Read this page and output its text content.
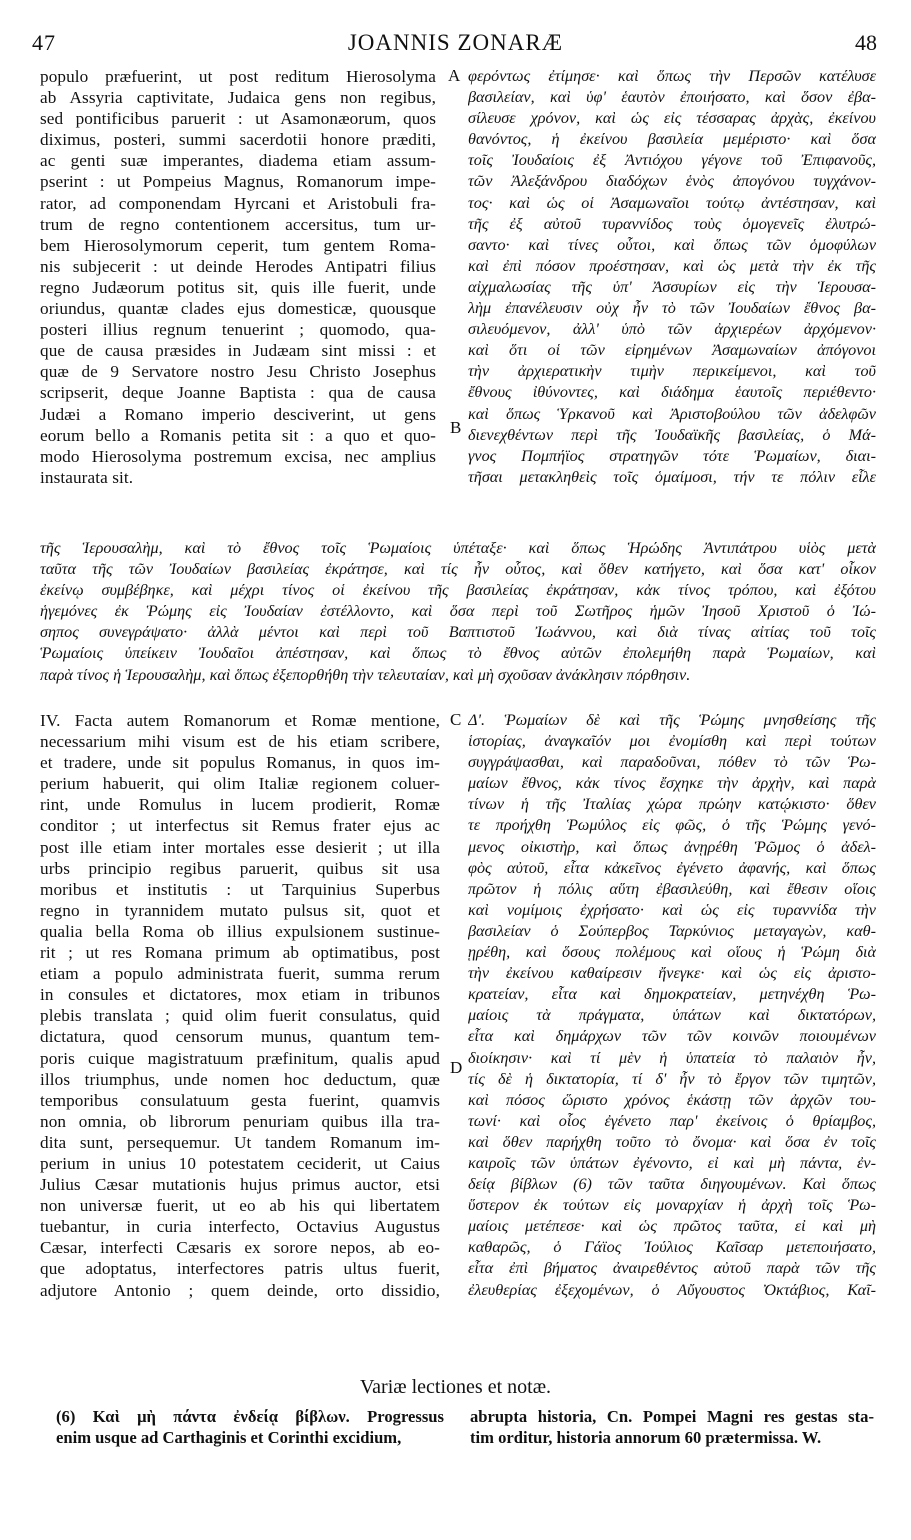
47	JOANNIS ZONARÆ	48
populo præfuerint, ut post reditum Hierosolyma
ab Assyria captivitate, Judaica gens non regibus,
sed pontificibus paruerit : ut Asamonæorum, quos
diximus, posteri, summi sacerdotii honore præditi,
ac genti suæ imperantes, diadema etiam assum-
pserint : ut Pompeius Magnus, Romanorum impe-
rator, ad componendam Hyrcani et Aristobuli fra-
trum de regno contentionem accersitus, tum ur-
bem Hierosolymorum ceperit, tum gentem Roma-
nis subjecerit : ut deinde Herodes Antipatri filius
regno Judæorum potitus sit, quis ille fuerit, unde
oriundus, quantæ clades ejus domesticæ, quousque
posteri illius regnum tenuerint ; quomodo, qua-
que de causa præsides in Judæam sint missi : et
quæ de 9 Servatore nostro Jesu Christo Josephus
scripserit, deque Joanne Baptista : qua de causa
Judæi a Romano imperio desciverint, ut gens
eorum bello a Romanis petita sit : a quo et quo-
modo Hierosolyma postremum excisa, nec amplius
instaurata sit.
A
B
φερόντως ἐτίμησε· καὶ ὅπως τὴν Περσῶν κατέλυσε
βασιλείαν, καὶ ὑφ' ἑαυτὸν ἐποιήσατο, καὶ ὅσον ἐβα-
σίλευσε χρόνον, καὶ ὡς εἰς τέσσαρας ἀρχὰς, ἐκείνου
θανόντος, ἡ ἐκείνου βασιλεία μεμέριστο· καὶ ὅσα
τοῖς Ἰουδαίοις ἐξ Ἀντιόχου γέγονε τοῦ Ἐπιφανοῦς,
τῶν Ἀλεξάνδρου διαδόχων ἑνὸς ἀπογόνου τυγχάνον-
τος· καὶ ὡς οἱ Ἀσαμωναῖοι τούτῳ ἀντέστησαν, καὶ
τῆς ἐξ αὐτοῦ τυραννίδος τοὺς ὁμογενεῖς ἐλυτρώ-
σαντο· καὶ τίνες οὗτοι, καὶ ὅπως τῶν ὁμοφύλων
καὶ ἐπὶ πόσον προέστησαν, καὶ ὡς μετὰ τὴν ἐκ τῆς
αἰχμαλωσίας τῆς ὑπ' Ἀσσυρίων εἰς τὴν Ἱερουσα-
λὴμ ἐπανέλευσιν οὐχ ἦν τὸ τῶν Ἰουδαίων ἔθνος βα-
σιλευόμενον, ἀλλ' ὑπὸ τῶν ἀρχιερέων ἀρχόμενον·
καὶ ὅτι οἱ τῶν εἰρημένων Ἀσαμωναίων ἀπόγονοι
τὴν ἀρχιερατικὴν τιμὴν περικείμενοι, καὶ τοῦ
ἔθνους ἰθύνοντες, καὶ διάδημα ἑαυτοῖς περιέθεντο·
καὶ ὅπως Ὑρκανοῦ καὶ Ἀριστοβούλου τῶν ἀδελφῶν
διενεχθέντων περὶ τῆς Ἰουδαϊκῆς βασιλείας, ὁ Μά-
γνος Πομπήϊος στρατηγῶν τότε Ῥωμαίων, διαι-
τῆσαι μετακληθεὶς τοῖς ὁμαίμοσι, τήν τε πόλιν εἷλε
τῆς Ἱερουσαλὴμ, καὶ τὸ ἔθνος τοῖς Ῥωμαίοις ὑπέταξε· καὶ ὅπως Ἡρώδης Ἀντιπάτρου υἱὸς μετὰ
ταῦτα τῆς τῶν Ἰουδαίων βασιλείας ἐκράτησε, καὶ τίς ἦν οὗτος, καὶ ὅθεν κατήγετο, καὶ ὅσα κατ' οἶκον
ἐκείνῳ συμβέβηκε, καὶ μέχρι τίνος οἱ ἐκείνου τῆς βασιλείας ἐκράτησαν, κἀκ τίνος τρόπου, καὶ ἐξότου
ἡγεμόνες ἐκ Ῥώμης εἰς Ἰουδαίαν ἐστέλλοντο, καὶ ὅσα περὶ τοῦ Σωτῆρος ἡμῶν Ἰησοῦ Χριστοῦ ὁ Ἰώ-
σηπος συνεγράψατο· ἀλλὰ μέντοι καὶ περὶ τοῦ Βαπτιστοῦ Ἰωάννου, καὶ διὰ τίνας αἰτίας τοῦ τοῖς
Ῥωμαίοις ὑπείκειν Ἰουδαῖοι ἀπέστησαν, καὶ ὅπως τὸ ἔθνος αὐτῶν ἐπολεμήθη παρὰ Ῥωμαίων, καὶ
παρὰ τίνος ἡ Ἱερουσαλὴμ, καὶ ὅπως ἐξεπορθήθη τὴν τελευταίαν, καὶ μὴ σχοῦσαν ἀνάκλησιν πόρθησιν.
IV. Facta autem Romanorum et Romæ mentione,
necessarium mihi visum est de his etiam scribere,
et tradere, unde sit populus Romanus, in quos im-
perium habuerit, qui olim Italiæ regionem coluer-
rint, unde Romulus in lucem prodierit, Romæ
conditor ; ut interfectus sit Remus frater ejus ac
post ille etiam inter mortales esse desierit ; ut illa
urbs principio regibus paruerit, quibus sit usa
moribus et institutis : ut Tarquinius Superbus
regno in tyrannidem mutato pulsus sit, quot et
qualia bella Roma ob illius expulsionem sustinue-
rit ; ut res Romana primum ab optimatibus, post
etiam a populo administrata fuerit, summa rerum
in consules et dictatores, mox etiam in tribunos
plebis translata ; quid olim fuerit consulatus, quid
dictatura, quod censorum munus, quantum tem-
poris cuique magistratuum præfinitum, qualis apud
illos triumphus, unde nomen hoc deductum, quæ
temporibus consulatuum gesta fuerint, quamvis
non omnia, ob librorum penuriam quibus illa tra-
dita sunt, persequemur. Ut tandem Romanum im-
perium in unius 10 potestatem ceciderit, ut Caius
Julius Cæsar mutationis hujus primus auctor, etsi
non universæ fuerit, ut eo ab his qui libertatem
tuebantur, in curia interfecto, Octavius Augustus
Cæsar, interfecti Cæsaris ex sorore nepos, ab eo-
que adoptatus, interfectores patris ultus fuerit,
adjutore Antonio ; quem deinde, orto dissidio,
C
D
Δ'. Ῥωμαίων δὲ καὶ τῆς Ῥώμης μνησθείσης τῆς
ἱστορίας, ἀναγκαῖόν μοι ἐνομίσθη καὶ περὶ τούτων
συγγράψασθαι, καὶ παραδοῦναι, πόθεν τὸ τῶν Ῥω-
μαίων ἔθνος, κἀκ τίνος ἔσχηκε τὴν ἀρχὴν, καὶ παρὰ
τίνων ἡ τῆς Ἰταλίας χώρα πρώην κατῴκιστο· ὅθεν
τε προήχθη Ῥωμύλος εἰς φῶς, ὁ τῆς Ῥώμης γενό-
μενος οἰκιστὴρ, καὶ ὅπως ἀνῃρέθη Ῥῶμος ὁ ἀδελ-
φὸς αὐτοῦ, εἶτα κἀκεῖνος ἐγένετο ἀφανής, καὶ ὅπως
πρῶτον ἡ πόλις αὕτη ἐβασιλεύθη, καὶ ἔθεσιν οἵοις
καὶ νομίμοις ἐχρήσατο· καὶ ὡς εἰς τυραννίδα τὴν
βασιλείαν ὁ Σούπερβος Ταρκύνιος μεταγαγὼν, καθ-
ῃρέθη, καὶ ὅσους πολέμους καὶ οἵους ἡ Ῥώμη διὰ
τὴν ἐκείνου καθαίρεσιν ἤνεγκε· καὶ ὡς εἰς ἀριστο-
κρατείαν, εἶτα καὶ δημοκρατείαν, μετηνέχθη Ῥω-
μαίοις τὰ πράγματα, ὑπάτων καὶ δικτατόρων,
εἶτα καὶ δημάρχων τῶν τῶν κοινῶν ποιουμένων
διοίκησιν· καὶ τί μὲν ἡ ὑπατεία τὸ παλαιὸν ἦν,
τίς δὲ ἡ δικτατορία, τί δ' ἦν τὸ ἔργον τῶν τιμητῶν,
καὶ πόσος ὥριστο χρόνος ἑκάστῃ τῶν ἀρχῶν του-
τωνί· καὶ οἷος ἐγένετο παρ' ἐκείνοις ὁ θρίαμβος,
καὶ ὅθεν παρήχθη τοῦτο τὸ ὄνομα· καὶ ὅσα ἐν τοῖς
καιροῖς τῶν ὑπάτων ἐγένοντο, εἰ καὶ μὴ πάντα, ἐν-
δείᾳ βίβλων (6) τῶν ταῦτα διηγουμένων. Καὶ ὅπως
ὕστερον ἐκ τούτων εἰς μοναρχίαν ἡ ἀρχὴ τοῖς Ῥω-
μαίοις μετέπεσε· καὶ ὡς πρῶτος ταῦτα, εἰ καὶ μὴ
καθαρῶς, ὁ Γάϊος Ἰούλιος Καῖσαρ μετεποιήσατο,
εἶτα ἐπὶ βήματος ἀναιρεθέντος αὐτοῦ παρὰ τῶν τῆς
ἐλευθερίας ἐξεχομένων, ὁ Αὔγουστος Ὀκτάβιος, Καῖ-
Variæ lectiones et notæ.
(6) Καὶ μὴ πάντα ἐνδείᾳ βίβλων. Progressus
enim usque ad Carthaginis et Corinthi excidium,
abrupta historia, Cn. Pompei Magni res gestas sta-
tim orditur, historia annorum 60 prætermissa. W.
